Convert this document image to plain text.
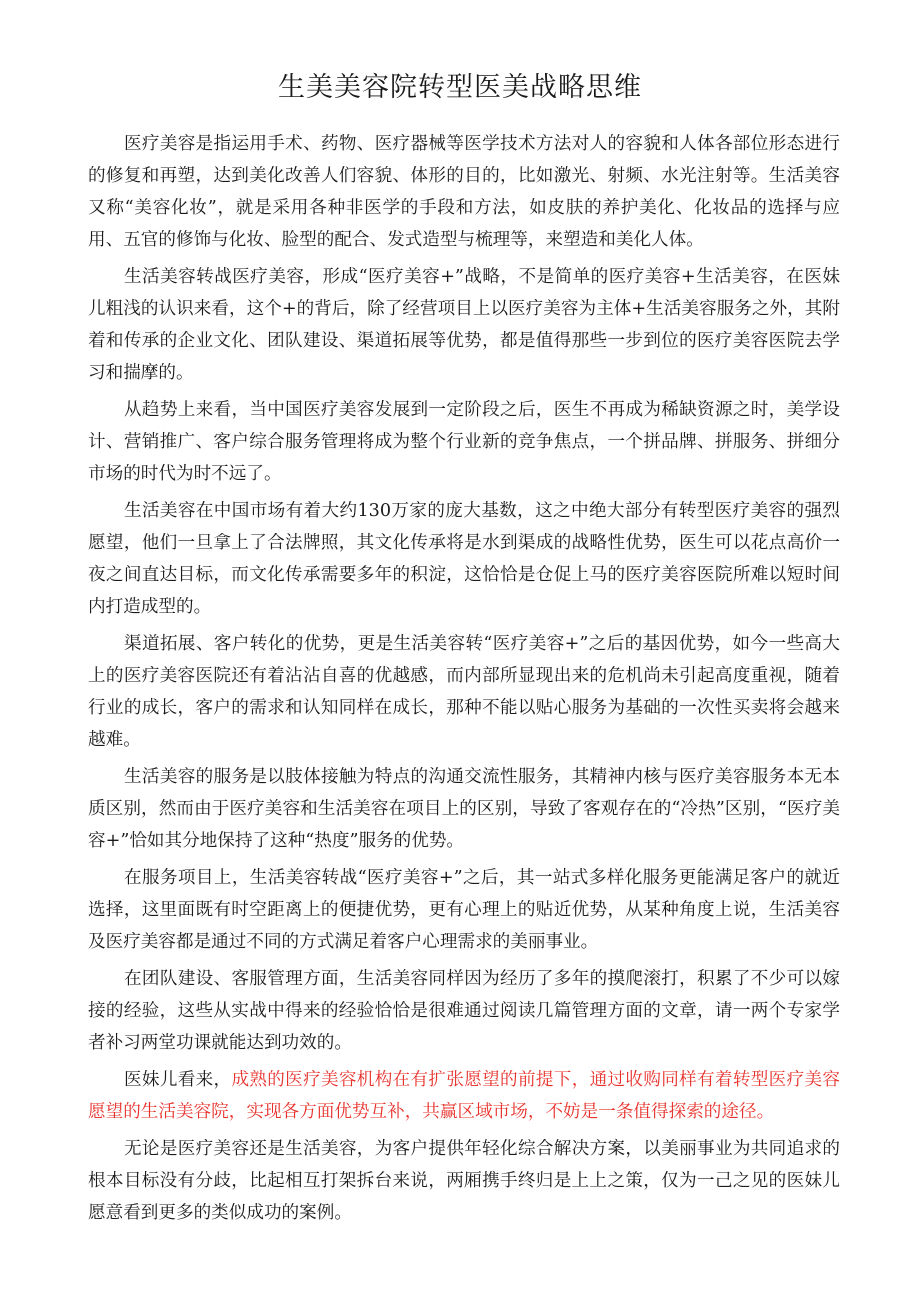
生美美容院转型医美战略思维

医疗美容是指运用手术、药物、医疗器械等医学技术方法对人的容貌和人体各部位形态进行的修复和再塑，达到美化改善人们容貌、体形的目的，比如激光、射频、水光注射等。生活美容又称“美容化妆”，就是采用各种非医学的手段和方法，如皮肤的养护美化、化妆品的选择与应用、五官的修饰与化妆、脸型的配合、发式造型与梳理等，来塑造和美化人体。

生活美容转战医疗美容，形成“医疗美容+”战略，不是简单的医疗美容+生活美容，在医妹儿粗浅的认识来看，这个+的背后，除了经营项目上以医疗美容为主体+生活美容服务之外，其附着和传承的企业文化、团队建设、渠道拓展等优势，都是值得那些一步到位的医疗美容医院去学习和揣摩的。

从趋势上来看，当中国医疗美容发展到一定阶段之后，医生不再成为稀缺资源之时，美学设计、营销推广、客户综合服务管理将成为整个行业新的竞争焦点，一个拼品牌、拼服务、拼细分市场的时代为时不远了。

生活美容在中国市场有着大约130万家的庞大基数，这之中绝大部分有转型医疗美容的强烈愿望，他们一旦拿上了合法牌照，其文化传承将是水到渠成的战略性优势，医生可以花点高价一夜之间直达目标，而文化传承需要多年的积淀，这恰恰是仓促上马的医疗美容医院所难以短时间内打造成型的。

渠道拓展、客户转化的优势，更是生活美容转“医疗美容+”之后的基因优势，如今一些高大上的医疗美容医院还有着沾沾自喜的优越感，而内部所显现出来的危机尚未引起高度重视，随着行业的成长，客户的需求和认知同样在成长，那种不能以贴心服务为基础的一次性买卖将会越来越难。

生活美容的服务是以肢体接触为特点的沟通交流性服务，其精神内核与医疗美容服务本无本质区别，然而由于医疗美容和生活美容在项目上的区别，导致了客观存在的“冷热”区别，“医疗美容+”恰如其分地保持了这种“热度”服务的优势。

在服务项目上，生活美容转战“医疗美容+”之后，其一站式多样化服务更能满足客户的就近选择，这里面既有时空距离上的便捷优势，更有心理上的贴近优势，从某种角度上说，生活美容及医疗美容都是通过不同的方式满足着客户心理需求的美丽事业。

在团队建设、客服管理方面，生活美容同样因为经历了多年的摸爬滚打，积累了不少可以嫁接的经验，这些从实战中得来的经验恰恰是很难通过阅读几篇管理方面的文章，请一两个专家学者补习两堂功课就能达到功效的。

医妹儿看来，成熟的医疗美容机构在有扩张愿望的前提下，通过收购同样有着转型医疗美容愿望的生活美容院，实现各方面优势互补，共赢区域市场，不妨是一条值得探索的途径。

无论是医疗美容还是生活美容，为客户提供年轻化综合解决方案，以美丽事业为共同追求的根本目标没有分歧，比起相互打架拆台来说，两厢携手终归是上上之策，仅为一己之见的医妹儿愿意看到更多的类似成功的案例。
